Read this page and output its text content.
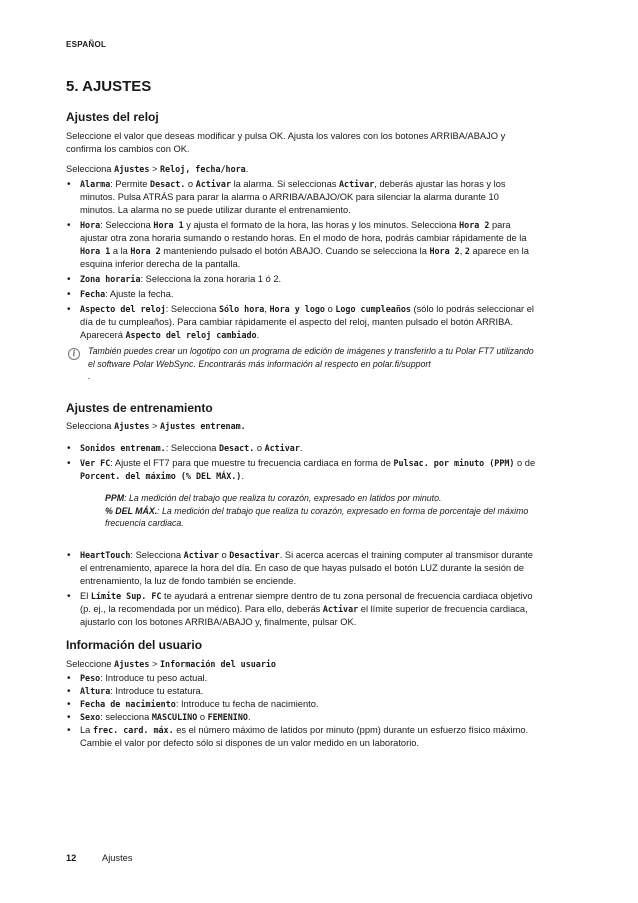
ESPAÑOL
5. AJUSTES
Ajustes del reloj
Seleccione el valor que deseas modificar y pulsa OK. Ajusta los valores con los botones ARRIBA/ABAJO y confirma los cambios con OK.
Selecciona Ajustes > Reloj, fecha/hora.
• Alarma: Permite Desact. o Activar la alarma. Si seleccionas Activar, deberás ajustar las horas y los minutos. Pulsa ATRÁS para parar la alarma o ARRIBA/ABAJO/OK para silenciar la alarma durante 10 minutos. La alarma no se puede utilizar durante el entrenamiento.
• Hora: Selecciona Hora 1 y ajusta el formato de la hora, las horas y los minutos. Selecciona Hora 2 para ajustar otra zona horaria sumando o restando horas. En el modo de hora, podrás cambiar rápidamente de la Hora 1 a la Hora 2 manteniendo pulsado el botón ABAJO. Cuando se selecciona la Hora 2, 2 aparece en la esquina inferior derecha de la pantalla.
• Zona horaria: Selecciona la zona horaria 1 ó 2.
• Fecha: Ajuste la fecha.
• Aspecto del reloj: Selecciona Sólo hora, Hora y logo o Logo cumpleaños (sólo lo podrás seleccionar el día de tu cumpleaños). Para cambiar rápidamente el aspecto del reloj, manten pulsado el botón ARRIBA. Aparecerá Aspecto del reloj cambiado.
i	También puedes crear un logotipo con un programa de edición de imágenes y transferirlo a tu Polar FT7 utilizando el software Polar WebSync. Encontrarás más información al respecto en polar.fi/support
.
Ajustes de entrenamiento
Selecciona Ajustes > Ajustes entrenam.
• Sonidos entrenam.: Selecciona Desact. o Activar.
• Ver FC: Ajuste el FT7 para que muestre tu frecuencia cardiaca en forma de Pulsac. por minuto (PPM) o de Porcent. del máximo (% DEL MÁX.).
PPM: La medición del trabajo que realiza tu corazón, expresado en latidos por minuto.
% DEL MÁX.: La medición del trabajo que realiza tu corazón, expresado en forma de porcentaje del máximo frecuencia cardiaca.
• HeartTouch: Selecciona Activar o Desactivar. Si acerca acercas el training computer al transmisor durante el entrenamiento, aparece la hora del día. En caso de que hayas pulsado el botón LUZ durante la sesión de entrenamiento, la luz de fondo también se enciende.
• El Límite Sup. FC te ayudará a entrenar siempre dentro de tu zona personal de frecuencia cardiaca objetivo (p. ej., la recomendada por un médico). Para ello, deberás Activar el límite superior de frecuencia cardiaca, ajustarlo con los botones ARRIBA/ABAJO y, finalmente, pulsar OK.
Información del usuario
Seleccione Ajustes > Información del usuario
• Peso: Introduce tu peso actual.
• Altura: Introduce tu estatura.
• Fecha de nacimiento: Introduce tu fecha de nacimiento.
• Sexo: selecciona MASCULINO o FEMENINO.
• La frec. card. máx. es el número máximo de latidos por minuto (ppm) durante un esfuerzo físico máximo. Cambie el valor por defecto sólo si dispones de un valor medido en un laboratorio.
12	Ajustes
